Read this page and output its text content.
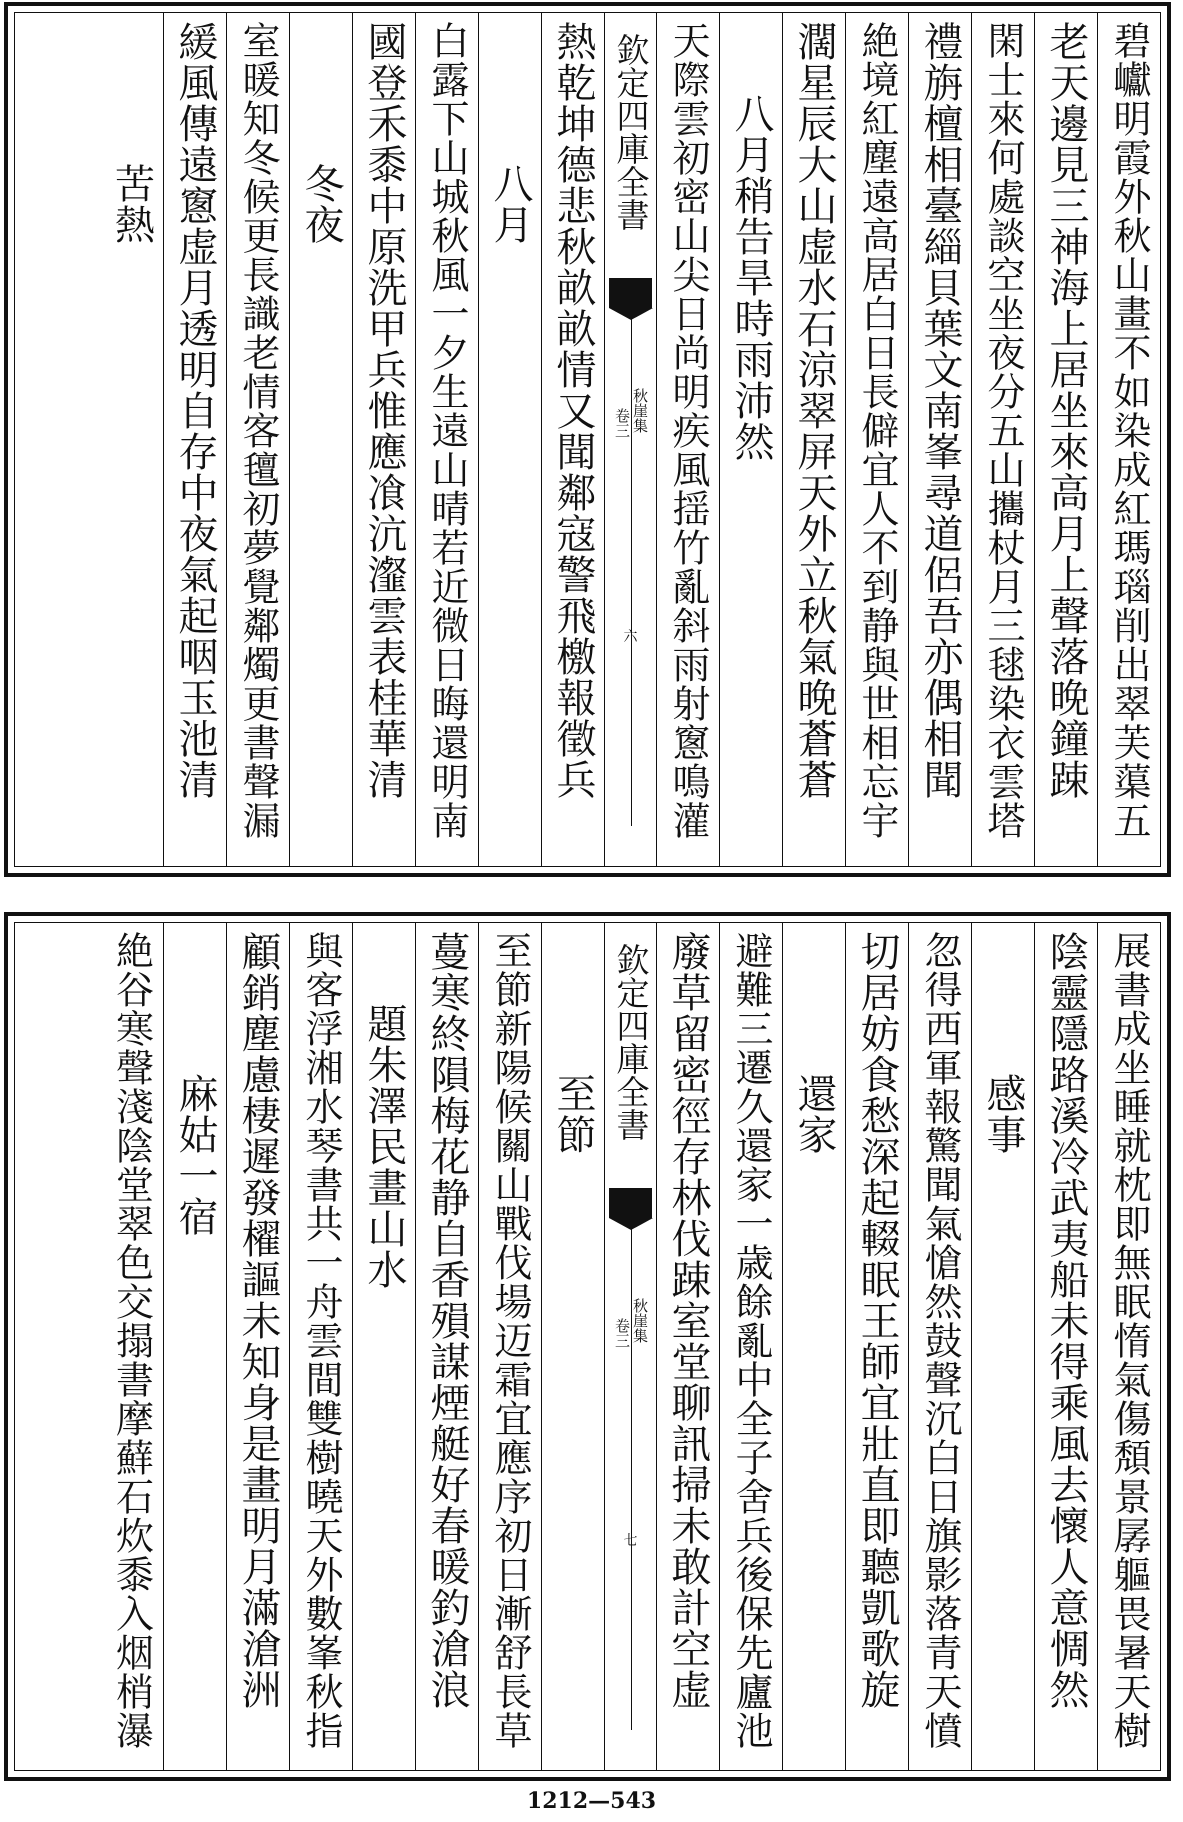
碧巘明霞外秋山畫不如染成紅瑪瑙削出翠芙蕖五
老天邊見三神海上居坐來高月上聲落晚鐘踈
閑士來何處談空坐夜分五山攜杖月三毬染衣雲塔
禮旃檀相臺緇貝葉文南峯尋道侶吾亦偶相聞
絶境紅塵遠高居白日長僻宜人不到静與世相忘宇
濶星辰大山虚水石涼翠屏天外立秋氣晚蒼蒼
八月稍告旱時雨沛然
天際雲初密山尖日尚明疾風揺竹亂斜雨射窻鳴灌
欽定四庫全書
秋崖集
卷三
六
熱乾坤德悲秋畝畝情又聞鄰寇警飛檄報徵兵
八月
白露下山城秋風一夕生遠山晴若近微日晦還明南
國登禾黍中原洗甲兵惟應飡沆瀣雲表桂華清
冬夜
室暖知冬候更長識老情客氊初夢覺鄰燭更書聲漏
緩風傳遠窻虚月透明自存中夜氣起咽玉池清
苦熱
展書成坐睡就枕即無眠惰氣傷頽景孱軀畏暑天樹
陰靈隱路溪冷武夷船未得乘風去懷人意惆然
感事
忽得西軍報驚聞氣愴然鼓聲沉白日旗影落青天憤
切居妨食愁深起輟眠王師宜壯直即聽凱歌旋
還家
避難三遷久還家一歳餘亂中全子舍兵後保先廬池
廢草留密徑存林伐踈室堂聊訊掃未敢計空虚
欽定四庫全書
秋崖集
卷三
七
至節
至節新陽候關山戰伐場迈霜宜應序初日漸舒長草
蔓寒終隕梅花静自香殞謀煙艇好春暖釣滄浪
題朱澤民畫山水
與客浮湘水琴書共一舟雲間雙樹曉天外數峯秋指
顧銷塵慮棲遲發櫂謳未知身是畫明月滿滄洲
麻姑一宿
絶谷寒聲淺陰堂翠色交搨書摩蘚石炊黍入烟梢瀑
1212—543
